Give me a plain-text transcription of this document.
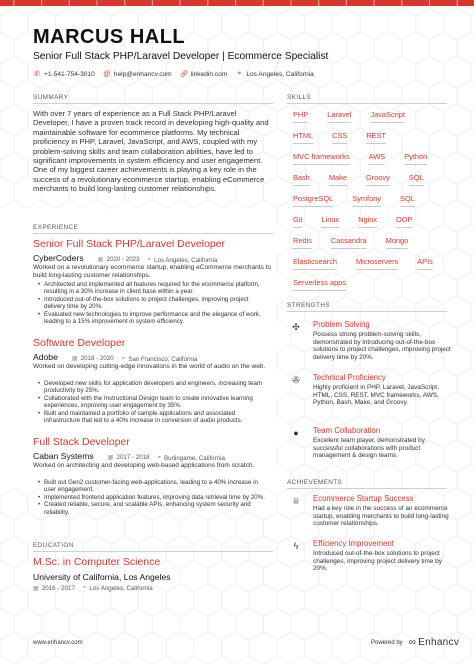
MARCUS HALL
Senior Full Stack PHP/Laravel Developer | Ecommerce Specialist
✆ +1-541-754-3010 @ help@enhancv.com 🔗︎ linkedin.com ⌖ Los Angeles, California
SUMMARY
With over 7 years of experience as a Full Stack PHP/Laravel Developer, I have a proven track record in developing high-quality and maintainable software for ecommerce platforms. My technical proficiency in PHP, Laravel, JavaScript, and AWS, coupled with my problem-solving skills and team collaboration abilities, have led to significant improvements in system efficiency and user engagement. One of my biggest career achievements is playing a key role in the success of a revolutionary ecommerce startup, enabling eCommerce merchants to build long-lasting customer relationships.
EXPERIENCE
Senior Full Stack PHP/Laravel Developer
CyberCoders ▦ 2020 - 2023 ⌖ Los Angeles, California
Worked on a revolutionary ecommerce startup, enabling eCommerce merchants to build long-lasting customer relationships.
• Architected and implemented all features required for the ecommerce platform, resulting in a 30% increase in client base within a year.
• Introduced out-of-the-box solutions to project challenges, improving project delivery time by 20%.
• Evaluated new technologies to improve performance and the elegance of work, leading to a 15% improvement in system efficiency.
Software Developer
Adobe ▦ 2018 - 2020 ⌖ San Francisco, California
Worked on developing cutting-edge innovations in the world of audio on the web.
• Developed new skills for application developers and engineers, increasing team productivity by 25%.
• Collaborated with the Instructional Design team to create innovative learning experiences, improving user engagement by 35%.
• Built and maintained a portfolio of sample applications and associated infrastructure that led to a 40% increase in conversion of audio products.
Full Stack Developer
Caban Systems ▦ 2017 - 2018 ⌖ Burlingame, California
Worked on architecting and developing web-based applications from scratch.
• Built out Gen2 customer-facing web-applications, leading to a 40% increase in user engagement.
• Implemented frontend application features, improving data retrieval time by 20%.
• Created reliable, secure, and scalable APIs, enhancing system security and reliability.
EDUCATION
M.Sc. in Computer Science
University of California, Los Angeles
▦ 2016 - 2017 ⌖ Los Angeles, California
SKILLS
PHP	Laravel	JavaScript
HTML	CSS	REST
MVC frameworks	AWS	Python
Bash	Make	Groovy	SQL
PostgreSQL	Symfony	SQL
Git	Linux	Nginx	OOP
Redis	Cassandra	Mongo
Elasticsearch	Microservers	APIs
Serverless apps
STRENGTHS
✣	Problem Solving
Possess strong problem-solving skills, demonstrated by introducing out-of-the-box solutions to project challenges, improving project delivery time by 20%.
✇	Technical Proficiency
Highly proficient in PHP, Laravel, JavaScript, HTML, CSS, REST, MVC frameworks, AWS, Python, Bash, Make, and Groovy.
●	Team Collaboration
Excellent team player, demonstrated by successful collaborations with product management & design teams.
ACHIEVEMENTS
♕	Ecommerce Startup Success
Had a key role in the success of an ecommerce startup, enabling merchants to build long-lasting customer relationships.
ϟ	Efficiency Improvement
Introduced out-of-the-box solutions to project challenges, improving project delivery time by 20%.
www.enhancv.com	Powered by ∞ Enhancv
